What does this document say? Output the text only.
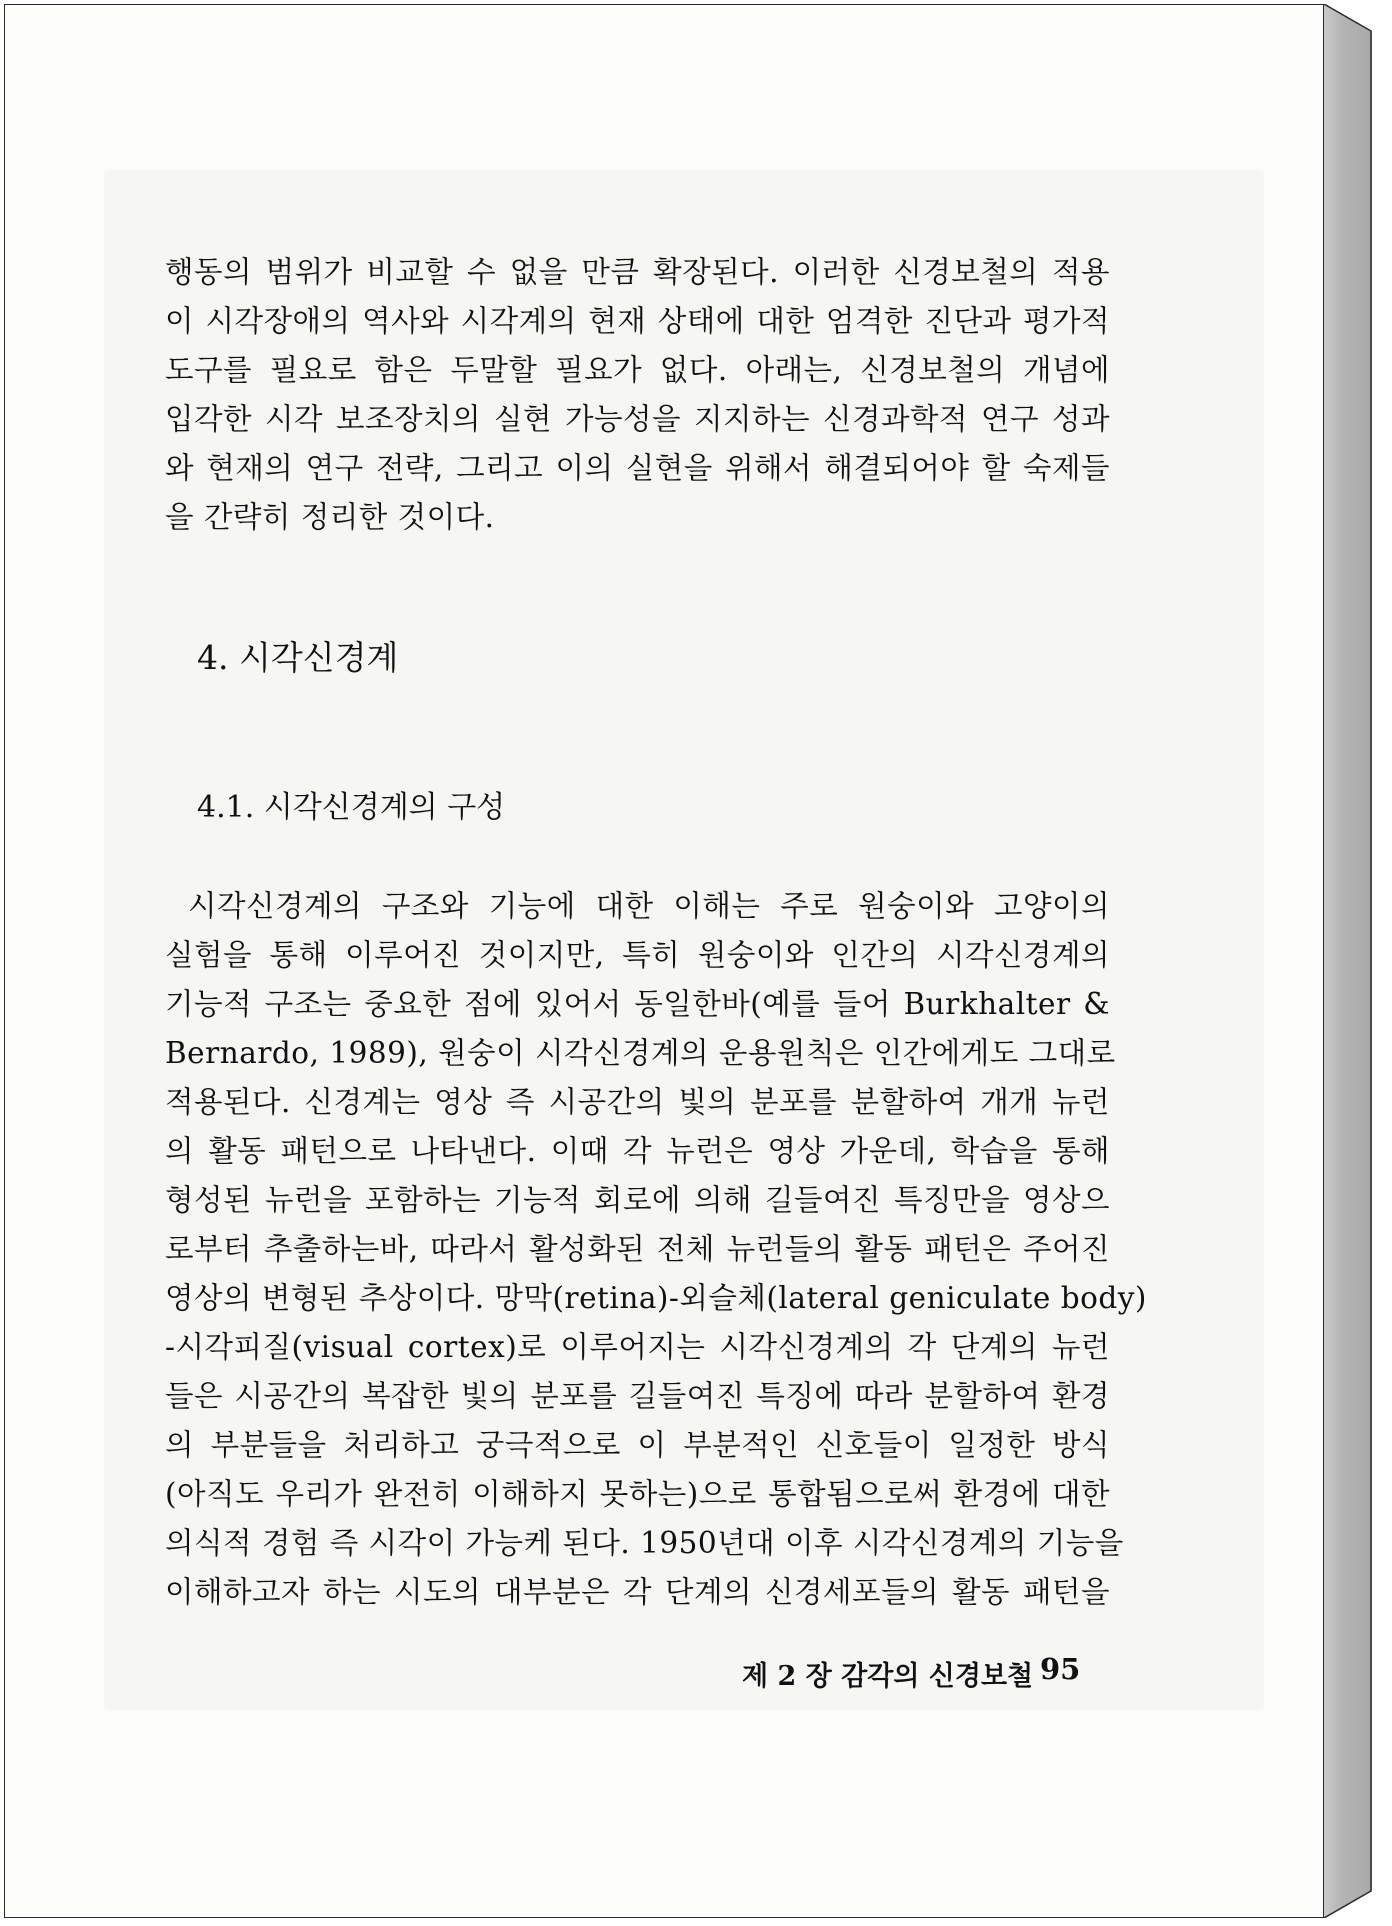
행동의 범위가 비교할 수 없을 만큼 확장된다. 이러한 신경보철의 적용
이 시각장애의 역사와 시각계의 현재 상태에 대한 엄격한 진단과 평가적
도구를 필요로 함은 두말할 필요가 없다. 아래는, 신경보철의 개념에
입각한 시각 보조장치의 실현 가능성을 지지하는 신경과학적 연구 성과
와 현재의 연구 전략, 그리고 이의 실현을 위해서 해결되어야 할 숙제들
을 간략히 정리한 것이다.
4. 시각신경계
4.1. 시각신경계의 구성
시각신경계의 구조와 기능에 대한 이해는 주로 원숭이와 고양이의
실험을 통해 이루어진 것이지만, 특히 원숭이와 인간의 시각신경계의
기능적 구조는 중요한 점에 있어서 동일한바(예를 들어 Burkhalter &
Bernardo, 1989), 원숭이 시각신경계의 운용원칙은 인간에게도 그대로
적용된다. 신경계는 영상 즉 시공간의 빛의 분포를 분할하여 개개 뉴런
의 활동 패턴으로 나타낸다. 이때 각 뉴런은 영상 가운데, 학습을 통해
형성된 뉴런을 포함하는 기능적 회로에 의해 길들여진 특징만을 영상으
로부터 추출하는바, 따라서 활성화된 전체 뉴런들의 활동 패턴은 주어진
영상의 변형된 추상이다. 망막(retina)-외슬체(lateral geniculate body)
-시각피질(visual cortex)로 이루어지는 시각신경계의 각 단계의 뉴런
들은 시공간의 복잡한 빛의 분포를 길들여진 특징에 따라 분할하여 환경
의 부분들을 처리하고 궁극적으로 이 부분적인 신호들이 일정한 방식
(아직도 우리가 완전히 이해하지 못하는)으로 통합됨으로써 환경에 대한
의식적 경험 즉 시각이 가능케 된다. 1950년대 이후 시각신경계의 기능을
이해하고자 하는 시도의 대부분은 각 단계의 신경세포들의 활동 패턴을
제 2 장 감각의 신경보철 95
